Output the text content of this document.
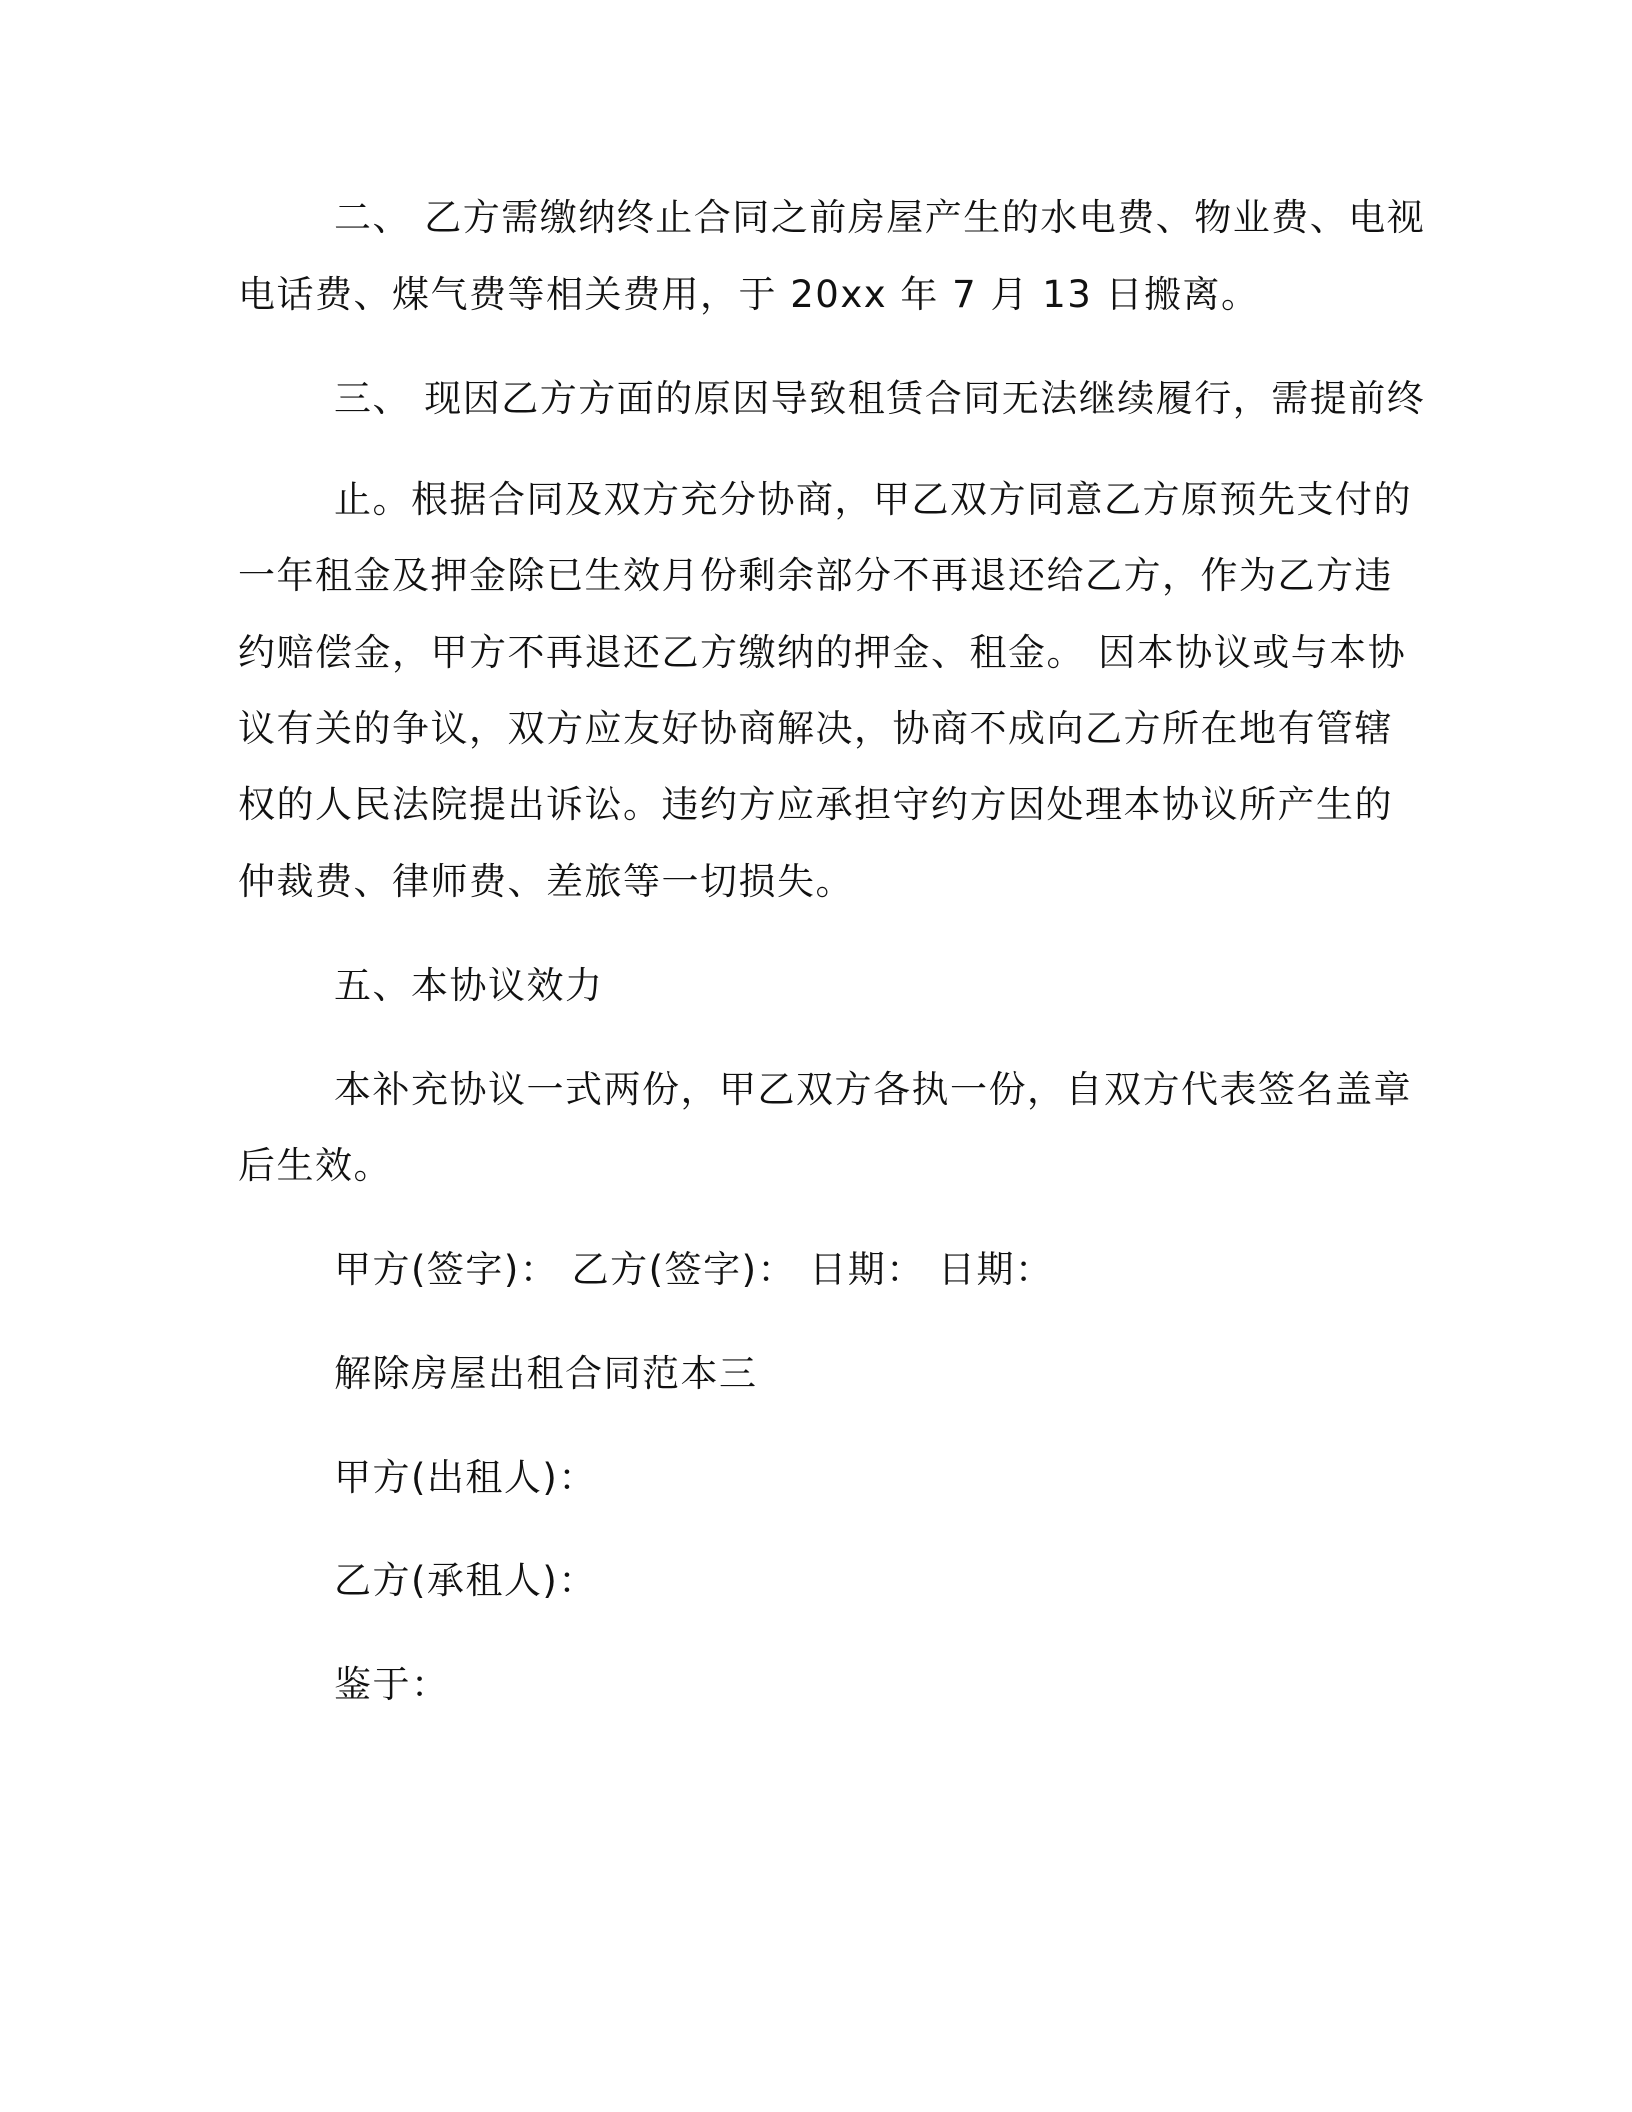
二、 乙方需缴纳终止合同之前房屋产生的水电费、物业费、电视
电话费、煤气费等相关费用，于 20xx 年 7 月 13 日搬离。
三、 现因乙方方面的原因导致租赁合同无法继续履行，需提前终
止。根据合同及双方充分协商，甲乙双方同意乙方原预先支付的
一年租金及押金除已生效月份剩余部分不再退还给乙方，作为乙方违
约赔偿金，甲方不再退还乙方缴纳的押金、租金。 因本协议或与本协
议有关的争议，双方应友好协商解决，协商不成向乙方所在地有管辖
权的人民法院提出诉讼。违约方应承担守约方因处理本协议所产生的
仲裁费、律师费、差旅等一切损失。
五、本协议效力
本补充协议一式两份，甲乙双方各执一份，自双方代表签名盖章
后生效。
甲方(签字)： 乙方(签字)： 日期： 日期：
解除房屋出租合同范本三
甲方(出租人)：
乙方(承租人)：
鉴于：
